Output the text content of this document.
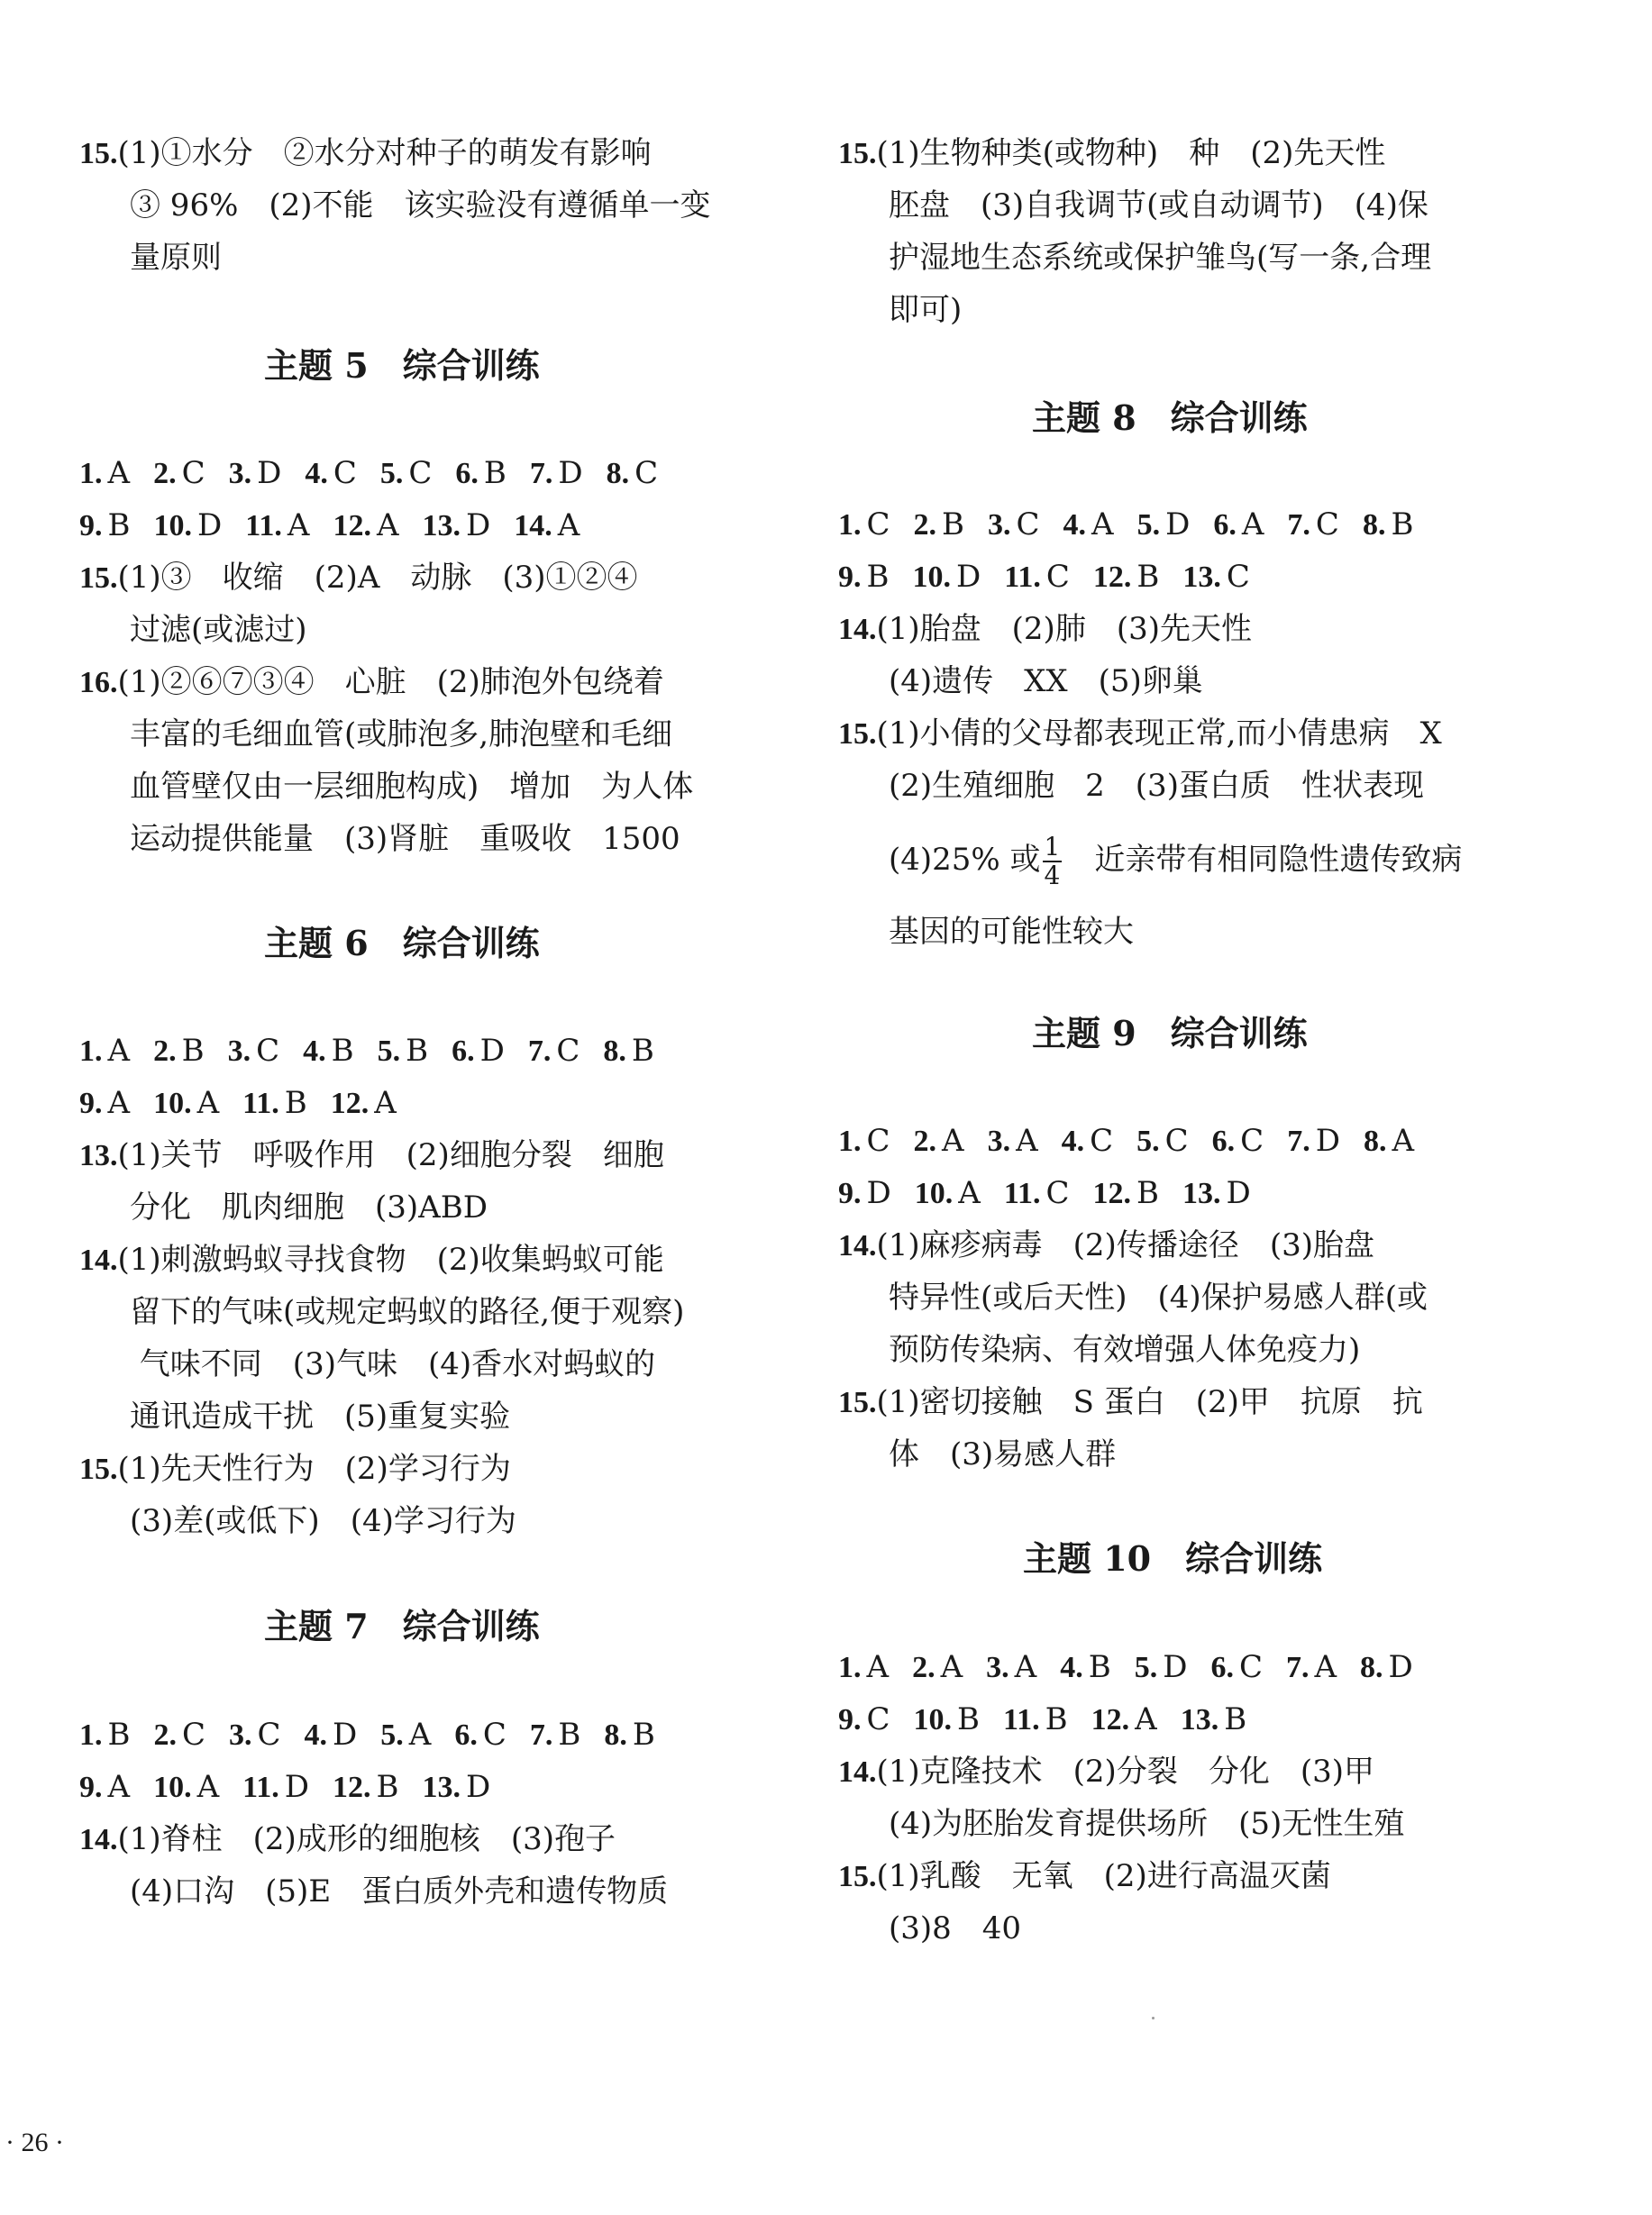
15.(1)①水分　②水分对种子的萌发有影响
③ 96%　(2)不能　该实验没有遵循单一变
量原则
主题 5　综合训练
1. A 2. C 3. D 4. C 5. C 6. B 7. D 8. C
9. B 10. D 11. A 12. A 13. D 14. A
15.(1)③　收缩　(2)A　动脉　(3)①②④
过滤(或滤过)
16.(1)②⑥⑦③④　心脏　(2)肺泡外包绕着
丰富的毛细血管(或肺泡多,肺泡壁和毛细
血管壁仅由一层细胞构成)　增加　为人体
运动提供能量　(3)肾脏　重吸收　1500
主题 6　综合训练
1. A 2. B 3. C 4. B 5. B 6. D 7. C 8. B
9. A 10. A 11. B 12. A
13.(1)关节　呼吸作用　(2)细胞分裂　细胞
分化　肌肉细胞　(3)ABD
14.(1)刺激蚂蚁寻找食物　(2)收集蚂蚁可能
留下的气味(或规定蚂蚁的路径,便于观察)
气味不同　(3)气味　(4)香水对蚂蚁的
通讯造成干扰　(5)重复实验
15.(1)先天性行为　(2)学习行为
(3)差(或低下)　(4)学习行为
主题 7　综合训练
1. B 2. C 3. C 4. D 5. A 6. C 7. B 8. B
9. A 10. A 11. D 12. B 13. D
14.(1)脊柱　(2)成形的细胞核　(3)孢子
(4)口沟　(5)E　蛋白质外壳和遗传物质
15.(1)生物种类(或物种)　种　(2)先天性
胚盘　(3)自我调节(或自动调节)　(4)保
护湿地生态系统或保护雏鸟(写一条,合理
即可)
主题 8　综合训练
1. C 2. B 3. C 4. A 5. D 6. A 7. C 8. B
9. B 10. D 11. C 12. B 13. C
14.(1)胎盘　(2)肺　(3)先天性
(4)遗传　XX　(5)卵巢
15.(1)小倩的父母都表现正常,而小倩患病　X
(2)生殖细胞　2　(3)蛋白质　性状表现
(4)25% 或 $\frac{1}{4}$ 　近亲带有相同隐性遗传致病
基因的可能性较大
主题 9　综合训练
1. C 2. A 3. A 4. C 5. C 6. C 7. D 8. A
9. D 10. A 11. C 12. B 13. D
14.(1)麻疹病毒　(2)传播途径　(3)胎盘
特异性(或后天性)　(4)保护易感人群(或
预防传染病、有效增强人体免疫力)
15.(1)密切接触　S 蛋白　(2)甲　抗原　抗
体　(3)易感人群
主题 10　综合训练
1. A 2. A 3. A 4. B 5. D 6. C 7. A 8. D
9. C 10. B 11. B 12. A 13. B
14.(1)克隆技术　(2)分裂　分化　(3)甲
(4)为胚胎发育提供场所　(5)无性生殖
15.(1)乳酸　无氧　(2)进行高温灭菌
(3)8　40
· 26 ·
